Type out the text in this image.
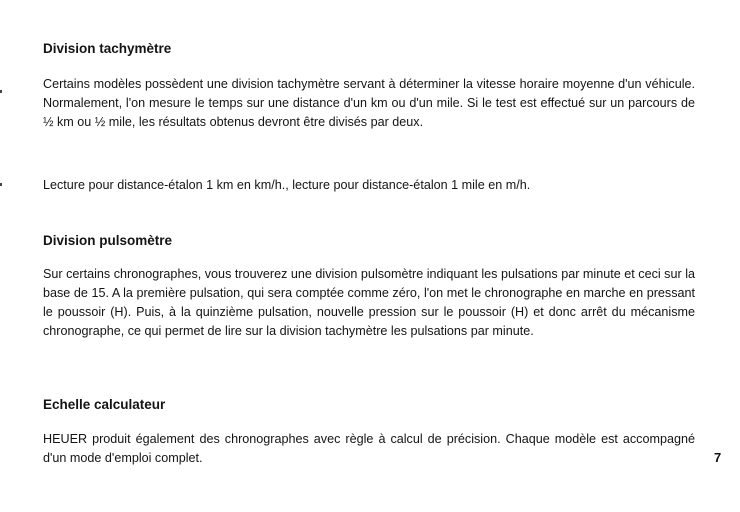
Division tachymètre

Certains modèles possèdent une division tachymètre servant à déterminer la vitesse horaire moyenne d'un véhicule. Normalement, l'on mesure le temps sur une distance d'un km ou d'un mile. Si le test est effectué sur un parcours de ½ km ou ½ mile, les résultats obtenus devront être divisés par deux.

Lecture pour distance-étalon 1 km en km/h., lecture pour distance-étalon 1 mile en m/h.

Division pulsomètre

Sur certains chronographes, vous trouverez une division pulsomètre indiquant les pulsations par minute et ceci sur la base de 15. A la première pulsation, qui sera comptée comme zéro, l'on met le chronographe en marche en pressant le poussoir (H). Puis, à la quinzième pulsation, nouvelle pression sur le poussoir (H) et donc arrêt du mécanisme chronographe, ce qui permet de lire sur la division tachymètre les pulsations par minute.

Echelle calculateur

HEUER produit également des chronographes avec règle à calcul de précision. Chaque modèle est accompagné d'un mode d'emploi complet.	7
